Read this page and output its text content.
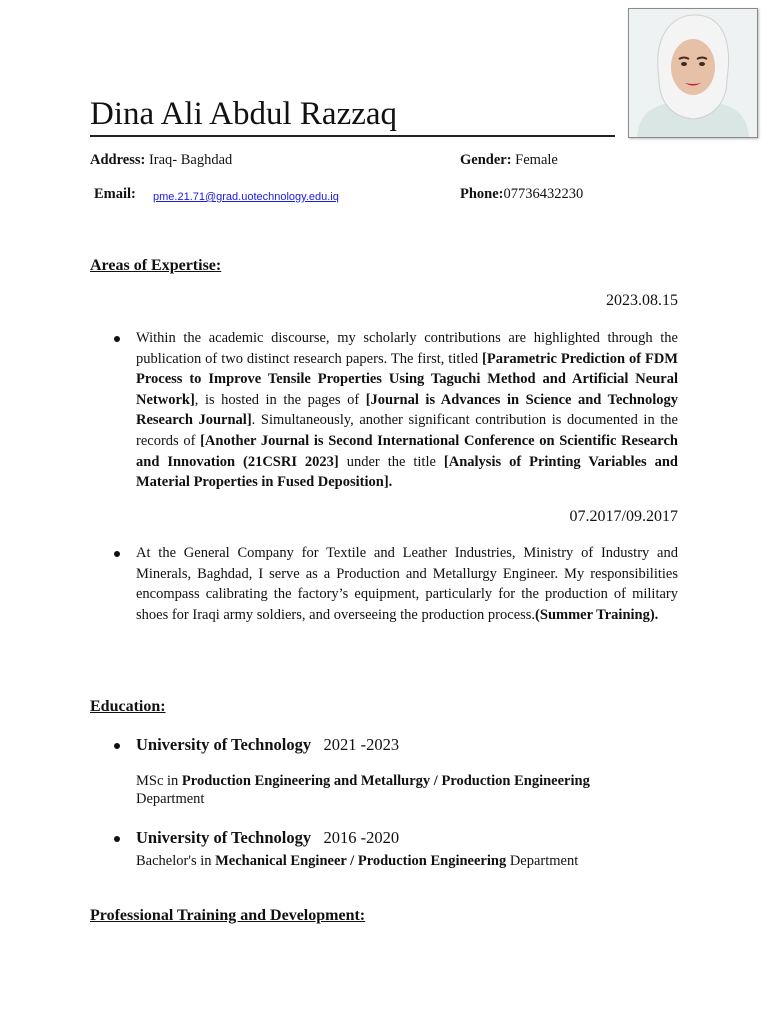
Dina Ali Abdul Razzaq
Address: Iraq- Baghdad	Gender: Female
Email: pme.21.71@grad.uotechnology.edu.iq	Phone:07736432230
Areas of Expertise:
2023.08.15
Within the academic discourse, my scholarly contributions are highlighted through the publication of two distinct research papers. The first, titled [Parametric Prediction of FDM Process to Improve Tensile Properties Using Taguchi Method and Artificial Neural Network], is hosted in the pages of [Journal is Advances in Science and Technology Research Journal]. Simultaneously, another significant contribution is documented in the records of [Another Journal is Second International Conference on Scientific Research and Innovation (21CSRI 2023] under the title [Analysis of Printing Variables and Material Properties in Fused Deposition].
07.2017/09.2017
At the General Company for Textile and Leather Industries, Ministry of Industry and Minerals, Baghdad, I serve as a Production and Metallurgy Engineer. My responsibilities encompass calibrating the factory’s equipment, particularly for the production of military shoes for Iraqi army soldiers, and overseeing the production process.(Summer Training).
Education:
University of Technology 2021 -2023
MSc in Production Engineering and Metallurgy / Production Engineering Department
University of Technology 2016 -2020
Bachelor's in Mechanical Engineer / Production Engineering Department
Professional Training and Development:
